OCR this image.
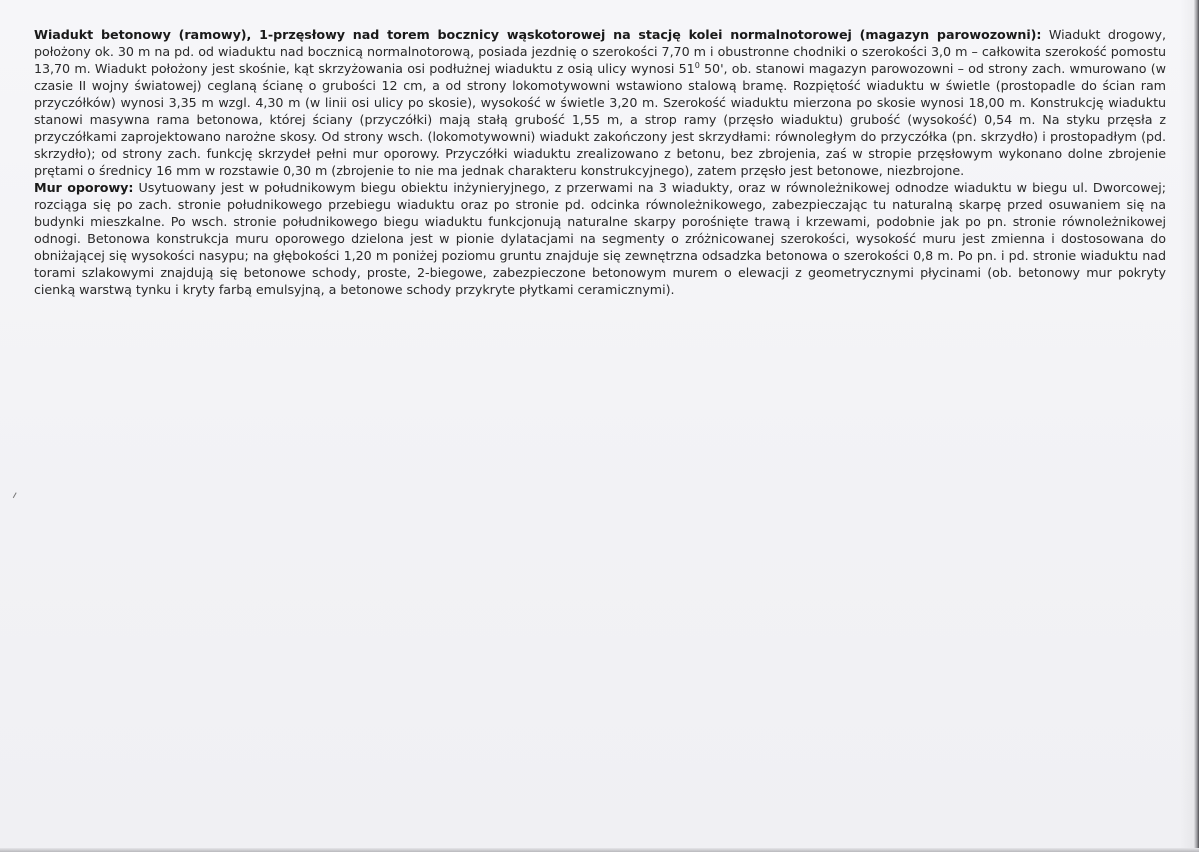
Wiadukt betonowy (ramowy), 1-przęsłowy nad torem bocznicy wąskotorowej na stację kolei normalnotorowej (magazyn parowozowni): Wiadukt drogowy, położony ok. 30 m na pd. od wiaduktu nad bocznicą normalnotorową, posiada jezdnię o szerokości 7,70 m i obustronne chodniki o szerokości 3,0 m – całkowita szerokość pomostu 13,70 m. Wiadukt położony jest skośnie, kąt skrzyżowania osi podłużnej wiaduktu z osią ulicy wynosi $51^0$ 50', ob. stanowi magazyn parowozowni – od strony zach. wmurowano (w czasie II wojny światowej) ceglaną ścianę o grubości 12 cm, a od strony lokomotywowni wstawiono stalową bramę. Rozpiętość wiaduktu w świetle (prostopadle do ścian ram przyczółków) wynosi 3,35 m wzgl. 4,30 m (w linii osi ulicy po skosie), wysokość w świetle 3,20 m. Szerokość wiaduktu mierzona po skosie wynosi 18,00 m. Konstrukcję wiaduktu stanowi masywna rama betonowa, której ściany (przyczółki) mają stałą grubość 1,55 m, a strop ramy (przęsło wiaduktu) grubość (wysokość) 0,54 m. Na styku przęsła z przyczółkami zaprojektowano narożne skosy. Od strony wsch. (lokomotywowni) wiadukt zakończony jest skrzydłami: równoległym do przyczółka (pn. skrzydło) i prostopadłym (pd. skrzydło); od strony zach. funkcję skrzydeł pełni mur oporowy. Przyczółki wiaduktu zrealizowano z betonu, bez zbrojenia, zaś w stropie przęsłowym wykonano dolne zbrojenie prętami o średnicy 16 mm w rozstawie 0,30 m (zbrojenie to nie ma jednak charakteru konstrukcyjnego), zatem przęsło jest betonowe, niezbrojone.

Mur oporowy: Usytuowany jest w południkowym biegu obiektu inżynieryjnego, z przerwami na 3 wiadukty, oraz w równoleżnikowej odnodze wiaduktu w biegu ul. Dworcowej; rozciąga się po zach. stronie południkowego przebiegu wiaduktu oraz po stronie pd. odcinka równoleżnikowego, zabezpieczając tu naturalną skarpę przed osuwaniem się na budynki mieszkalne. Po wsch. stronie południkowego biegu wiaduktu funkcjonują naturalne skarpy porośnięte trawą i krzewami, podobnie jak po pn. stronie równoleżnikowej odnogi. Betonowa konstrukcja muru oporowego dzielona jest w pionie dylatacjami na segmenty o zróżnicowanej szerokości, wysokość muru jest zmienna i dostosowana do obniżającej się wysokości nasypu; na głębokości 1,20 m poniżej poziomu gruntu znajduje się zewnętrzna odsadzka betonowa o szerokości 0,8 m. Po pn. i pd. stronie wiaduktu nad torami szlakowymi znajdują się betonowe schody, proste, 2-biegowe, zabezpieczone betonowym murem o elewacji z geometrycznymi płycinami (ob. betonowy mur pokryty cienką warstwą tynku i kryty farbą emulsyjną, a betonowe schody przykryte płytkami ceramicznymi).
